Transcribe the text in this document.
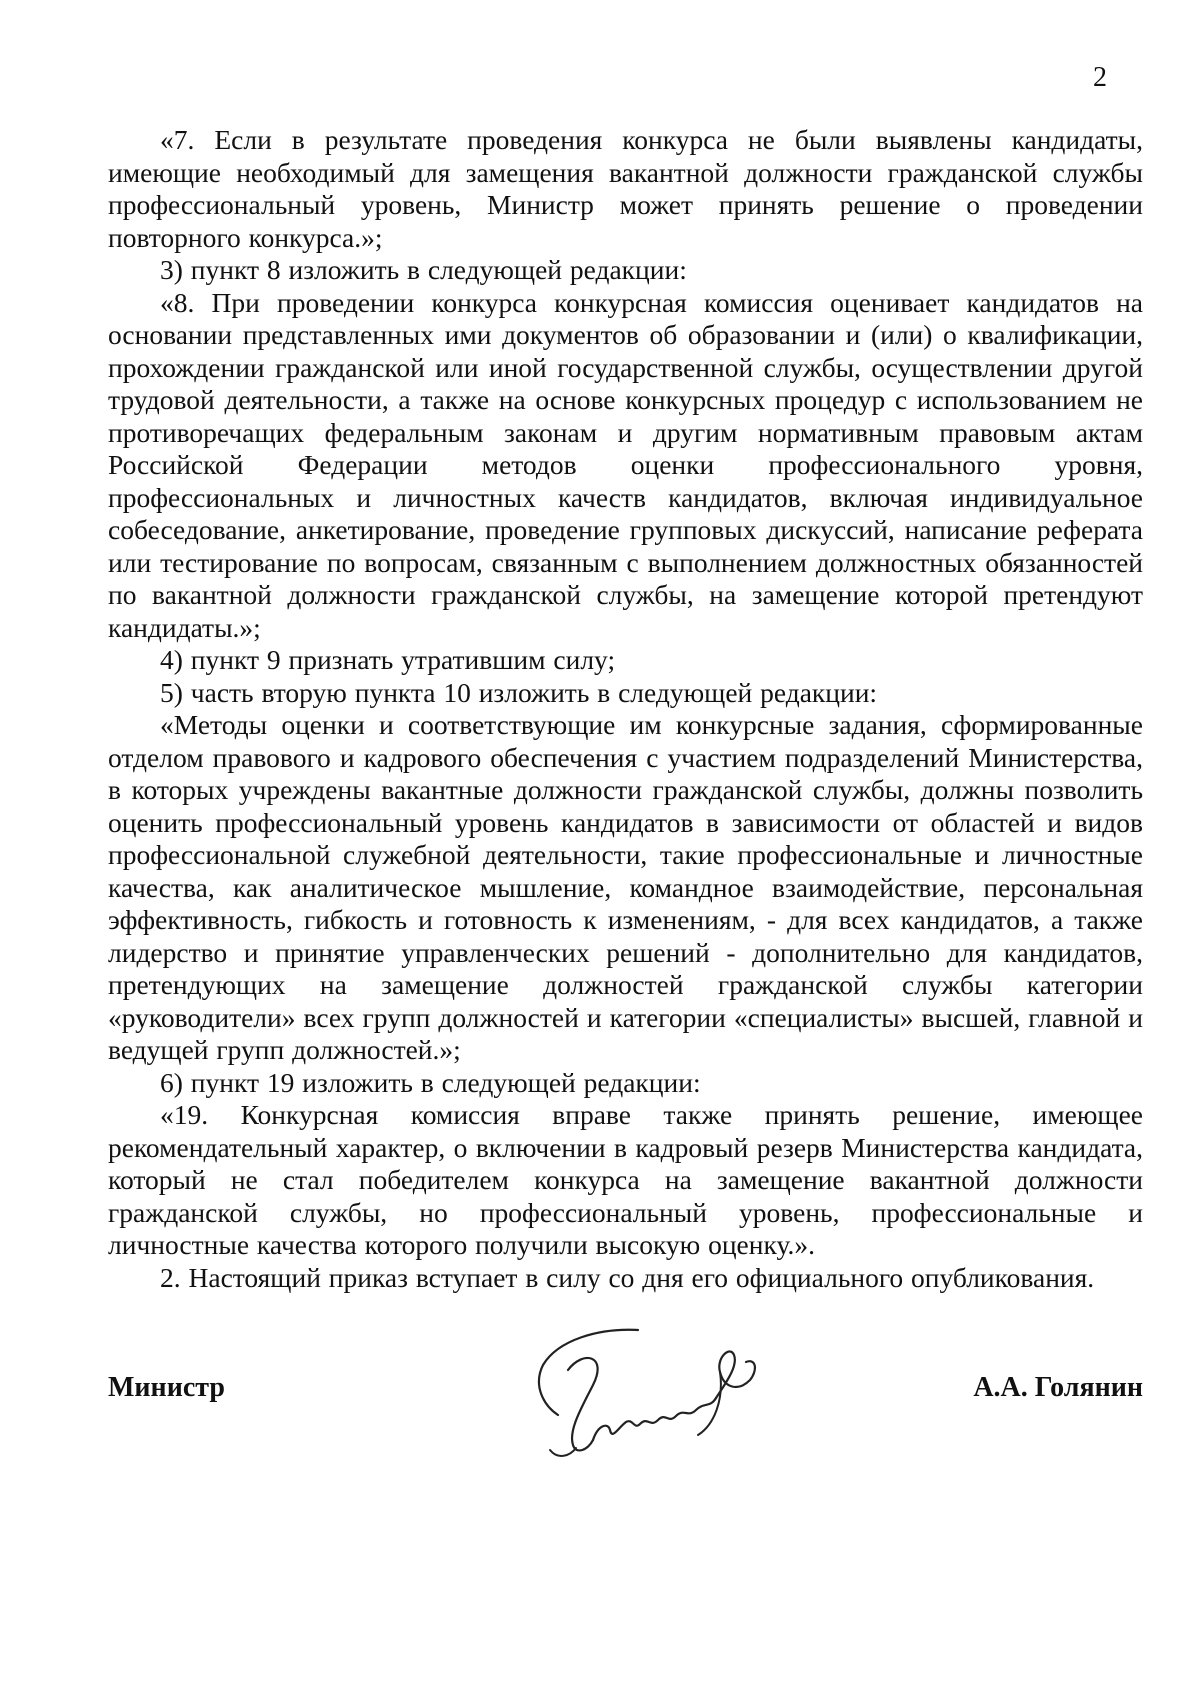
2

«7. Если в результате проведения конкурса не были выявлены кандидаты, имеющие необходимый для замещения вакантной должности гражданской службы профессиональный уровень, Министр может принять решение о проведении повторного конкурса.»;

3) пункт 8 изложить в следующей редакции:

«8. При проведении конкурса конкурсная комиссия оценивает кандидатов на основании представленных ими документов об образовании и (или) о квалификации, прохождении гражданской или иной государственной службы, осуществлении другой трудовой деятельности, а также на основе конкурсных процедур с использованием не противоречащих федеральным законам и другим нормативным правовым актам Российской Федерации методов оценки профессионального уровня, профессиональных и личностных качеств кандидатов, включая индивидуальное собеседование, анкетирование, проведение групповых дискуссий, написание реферата или тестирование по вопросам, связанным с выполнением должностных обязанностей по вакантной должности гражданской службы, на замещение которой претендуют кандидаты.»;

4) пункт 9 признать утратившим силу;

5) часть вторую пункта 10 изложить в следующей редакции:

«Методы оценки и соответствующие им конкурсные задания, сформированные отделом правового и кадрового обеспечения с участием подразделений Министерства, в которых учреждены вакантные должности гражданской службы, должны позволить оценить профессиональный уровень кандидатов в зависимости от областей и видов профессиональной служебной деятельности, такие профессиональные и личностные качества, как аналитическое мышление, командное взаимодействие, персональная эффективность, гибкость и готовность к изменениям, - для всех кандидатов, а также лидерство и принятие управленческих решений - дополнительно для кандидатов, претендующих на замещение должностей гражданской службы категории «руководители» всех групп должностей и категории «специалисты» высшей, главной и ведущей групп должностей.»;

6) пункт 19 изложить в следующей редакции:

«19. Конкурсная комиссия вправе также принять решение, имеющее рекомендательный характер, о включении в кадровый резерв Министерства кандидата, который не стал победителем конкурса на замещение вакантной должности гражданской службы, но профессиональный уровень, профессиональные и личностные качества которого получили высокую оценку.».

2. Настоящий приказ вступает в силу со дня его официального опубликования.

Министр	А.А. Голянин
